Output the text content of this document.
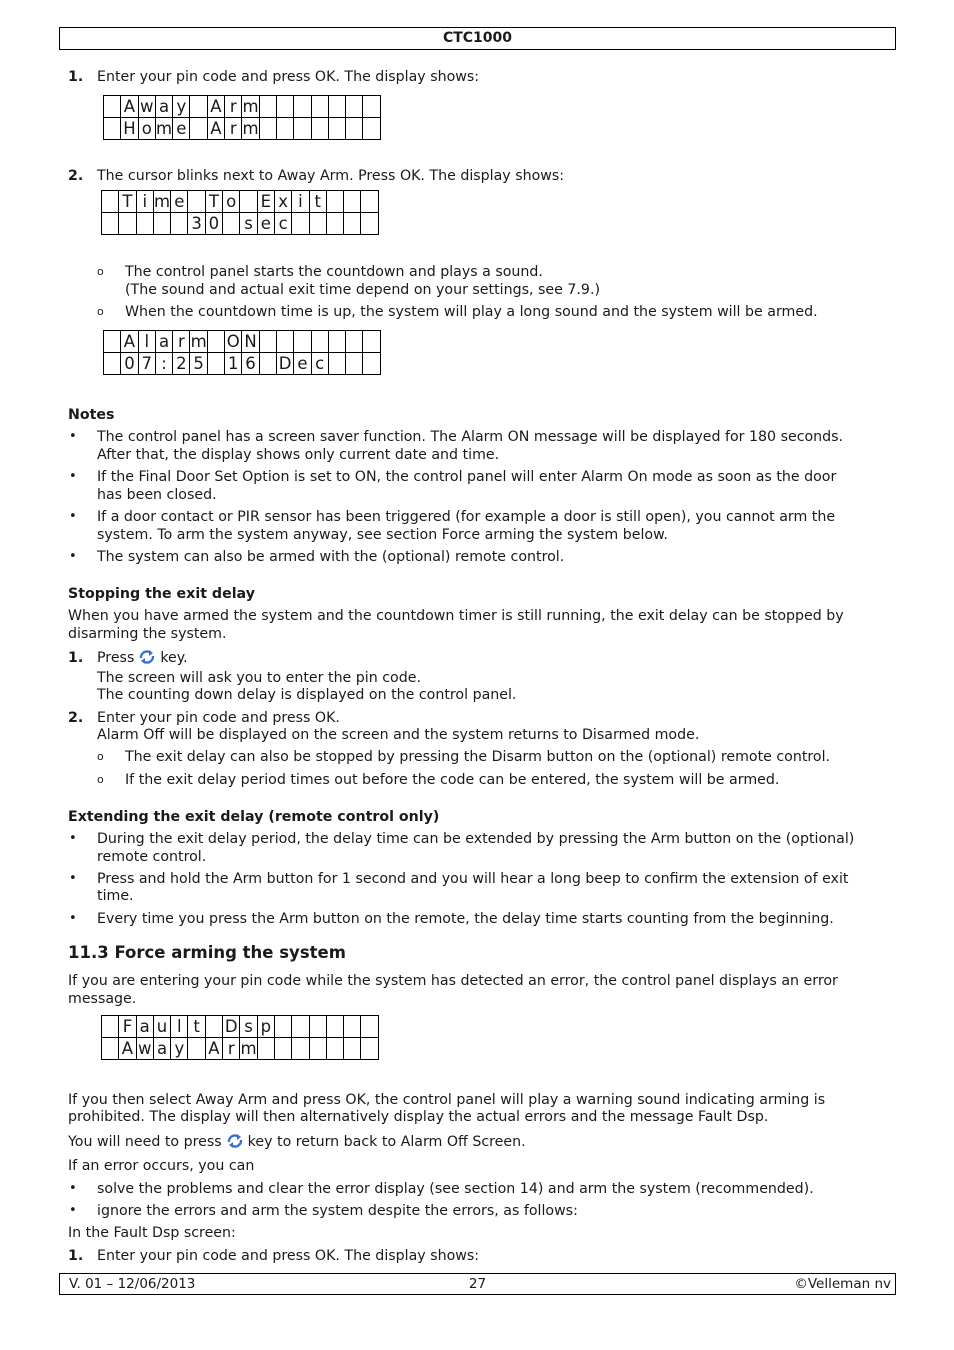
CTC1000
1. Enter your pin code and press OK. The display shows:
	A	w	a	y		A	r	m							
	H	o	m	e		A	r	m							
2. The cursor blinks next to Away Arm. Press OK. The display shows:
	T	i	m	e		T	o		E	x	i	t			
					3	0		s	e	c					
o The control panel starts the countdown and plays a sound.
(The sound and actual exit time depend on your settings, see 7.9.)
o When the countdown time is up, the system will play a long sound and the system will be armed.
	A	l	a	r	m		O	N							
	0	7	:	2	5		1	6		D	e	c			
Notes
• The control panel has a screen saver function. The Alarm ON message will be displayed for 180 seconds.
After that, the display shows only current date and time.
• If the Final Door Set Option is set to ON, the control panel will enter Alarm On mode as soon as the door
has been closed.
• If a door contact or PIR sensor has been triggered (for example a door is still open), you cannot arm the
system. To arm the system anyway, see section Force arming the system below.
• The system can also be armed with the (optional) remote control.
Stopping the exit delay
When you have armed the system and the countdown timer is still running, the exit delay can be stopped by
disarming the system.
1. Press key.
The screen will ask you to enter the pin code.
The counting down delay is displayed on the control panel.
2. Enter your pin code and press OK.
Alarm Off will be displayed on the screen and the system returns to Disarmed mode.
o The exit delay can also be stopped by pressing the Disarm button on the (optional) remote control.
o If the exit delay period times out before the code can be entered, the system will be armed.
Extending the exit delay (remote control only)
• During the exit delay period, the delay time can be extended by pressing the Arm button on the (optional)
remote control.
• Press and hold the Arm button for 1 second and you will hear a long beep to confirm the extension of exit
time.
• Every time you press the Arm button on the remote, the delay time starts counting from the beginning.
11.3 Force arming the system
If you are entering your pin code while the system has detected an error, the control panel displays an error
message.
	F	a	u	l	t		D	s	p						
	A	w	a	y		A	r	m							
If you then select Away Arm and press OK, the control panel will play a warning sound indicating arming is
prohibited. The display will then alternatively display the actual errors and the message Fault Dsp.
You will need to press key to return back to Alarm Off Screen.
If an error occurs, you can
• solve the problems and clear the error display (see section 14) and arm the system (recommended).
• ignore the errors and arm the system despite the errors, as follows:
In the Fault Dsp screen:
1. Enter your pin code and press OK. The display shows:
V. 01 – 12/06/2013	27	©Velleman nv
